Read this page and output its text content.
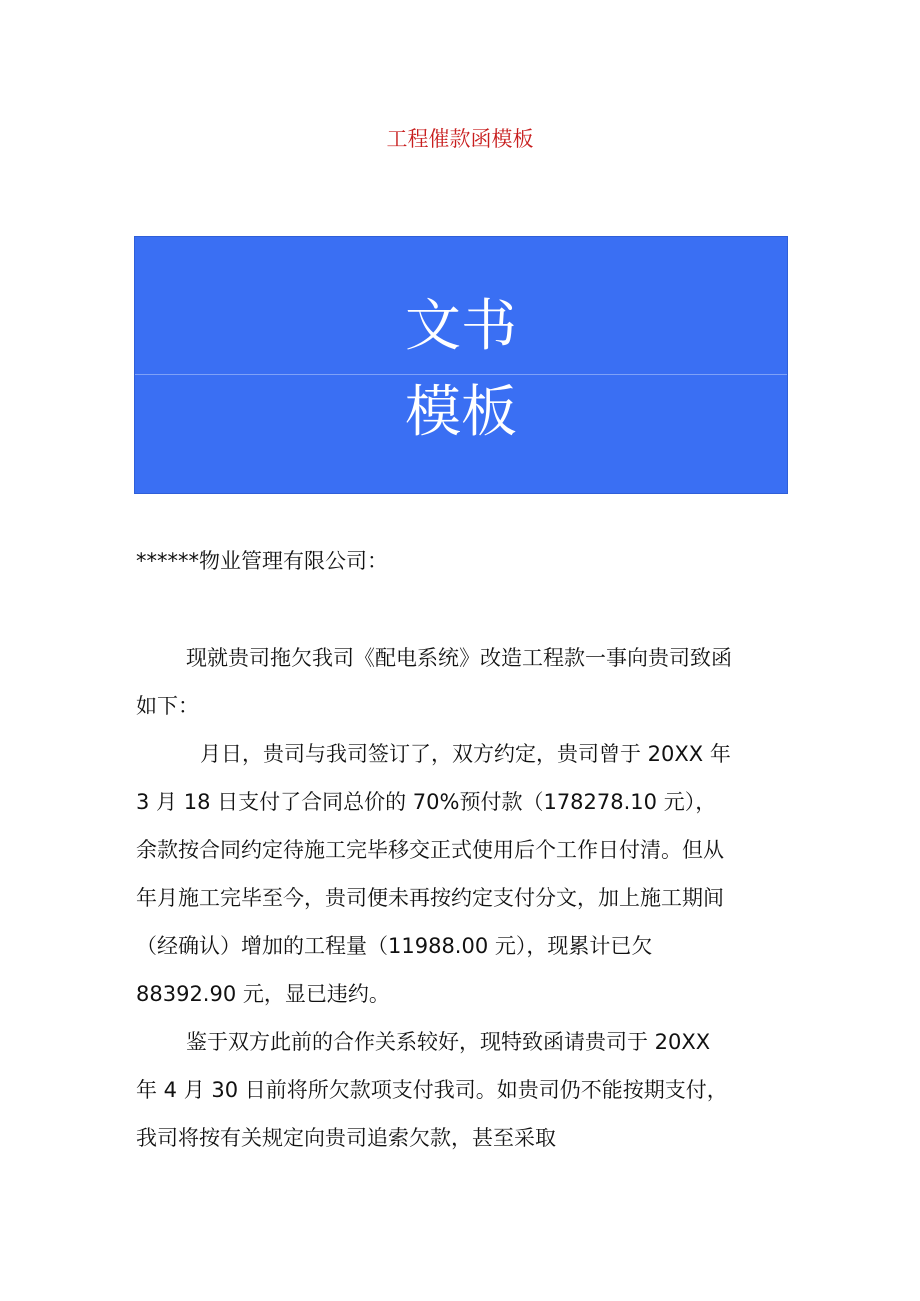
工程催款函模板
文书
模板
******物业管理有限公司：
现就贵司拖欠我司《配电系统》改造工程款一事向贵司致函
如下：
月日，贵司与我司签订了，双方约定，贵司曾于 20XX 年
3 月 18 日支付了合同总价的 70%预付款（178278.10 元），
余款按合同约定待施工完毕移交正式使用后个工作日付清。但从
年月施工完毕至今，贵司便未再按约定支付分文，加上施工期间
（经确认）增加的工程量（11988.00 元），现累计已欠
88392.90 元，显已违约。
鉴于双方此前的合作关系较好，现特致函请贵司于 20XX
年 4 月 30 日前将所欠款项支付我司。如贵司仍不能按期支付，
我司将按有关规定向贵司追索欠款，甚至采取
